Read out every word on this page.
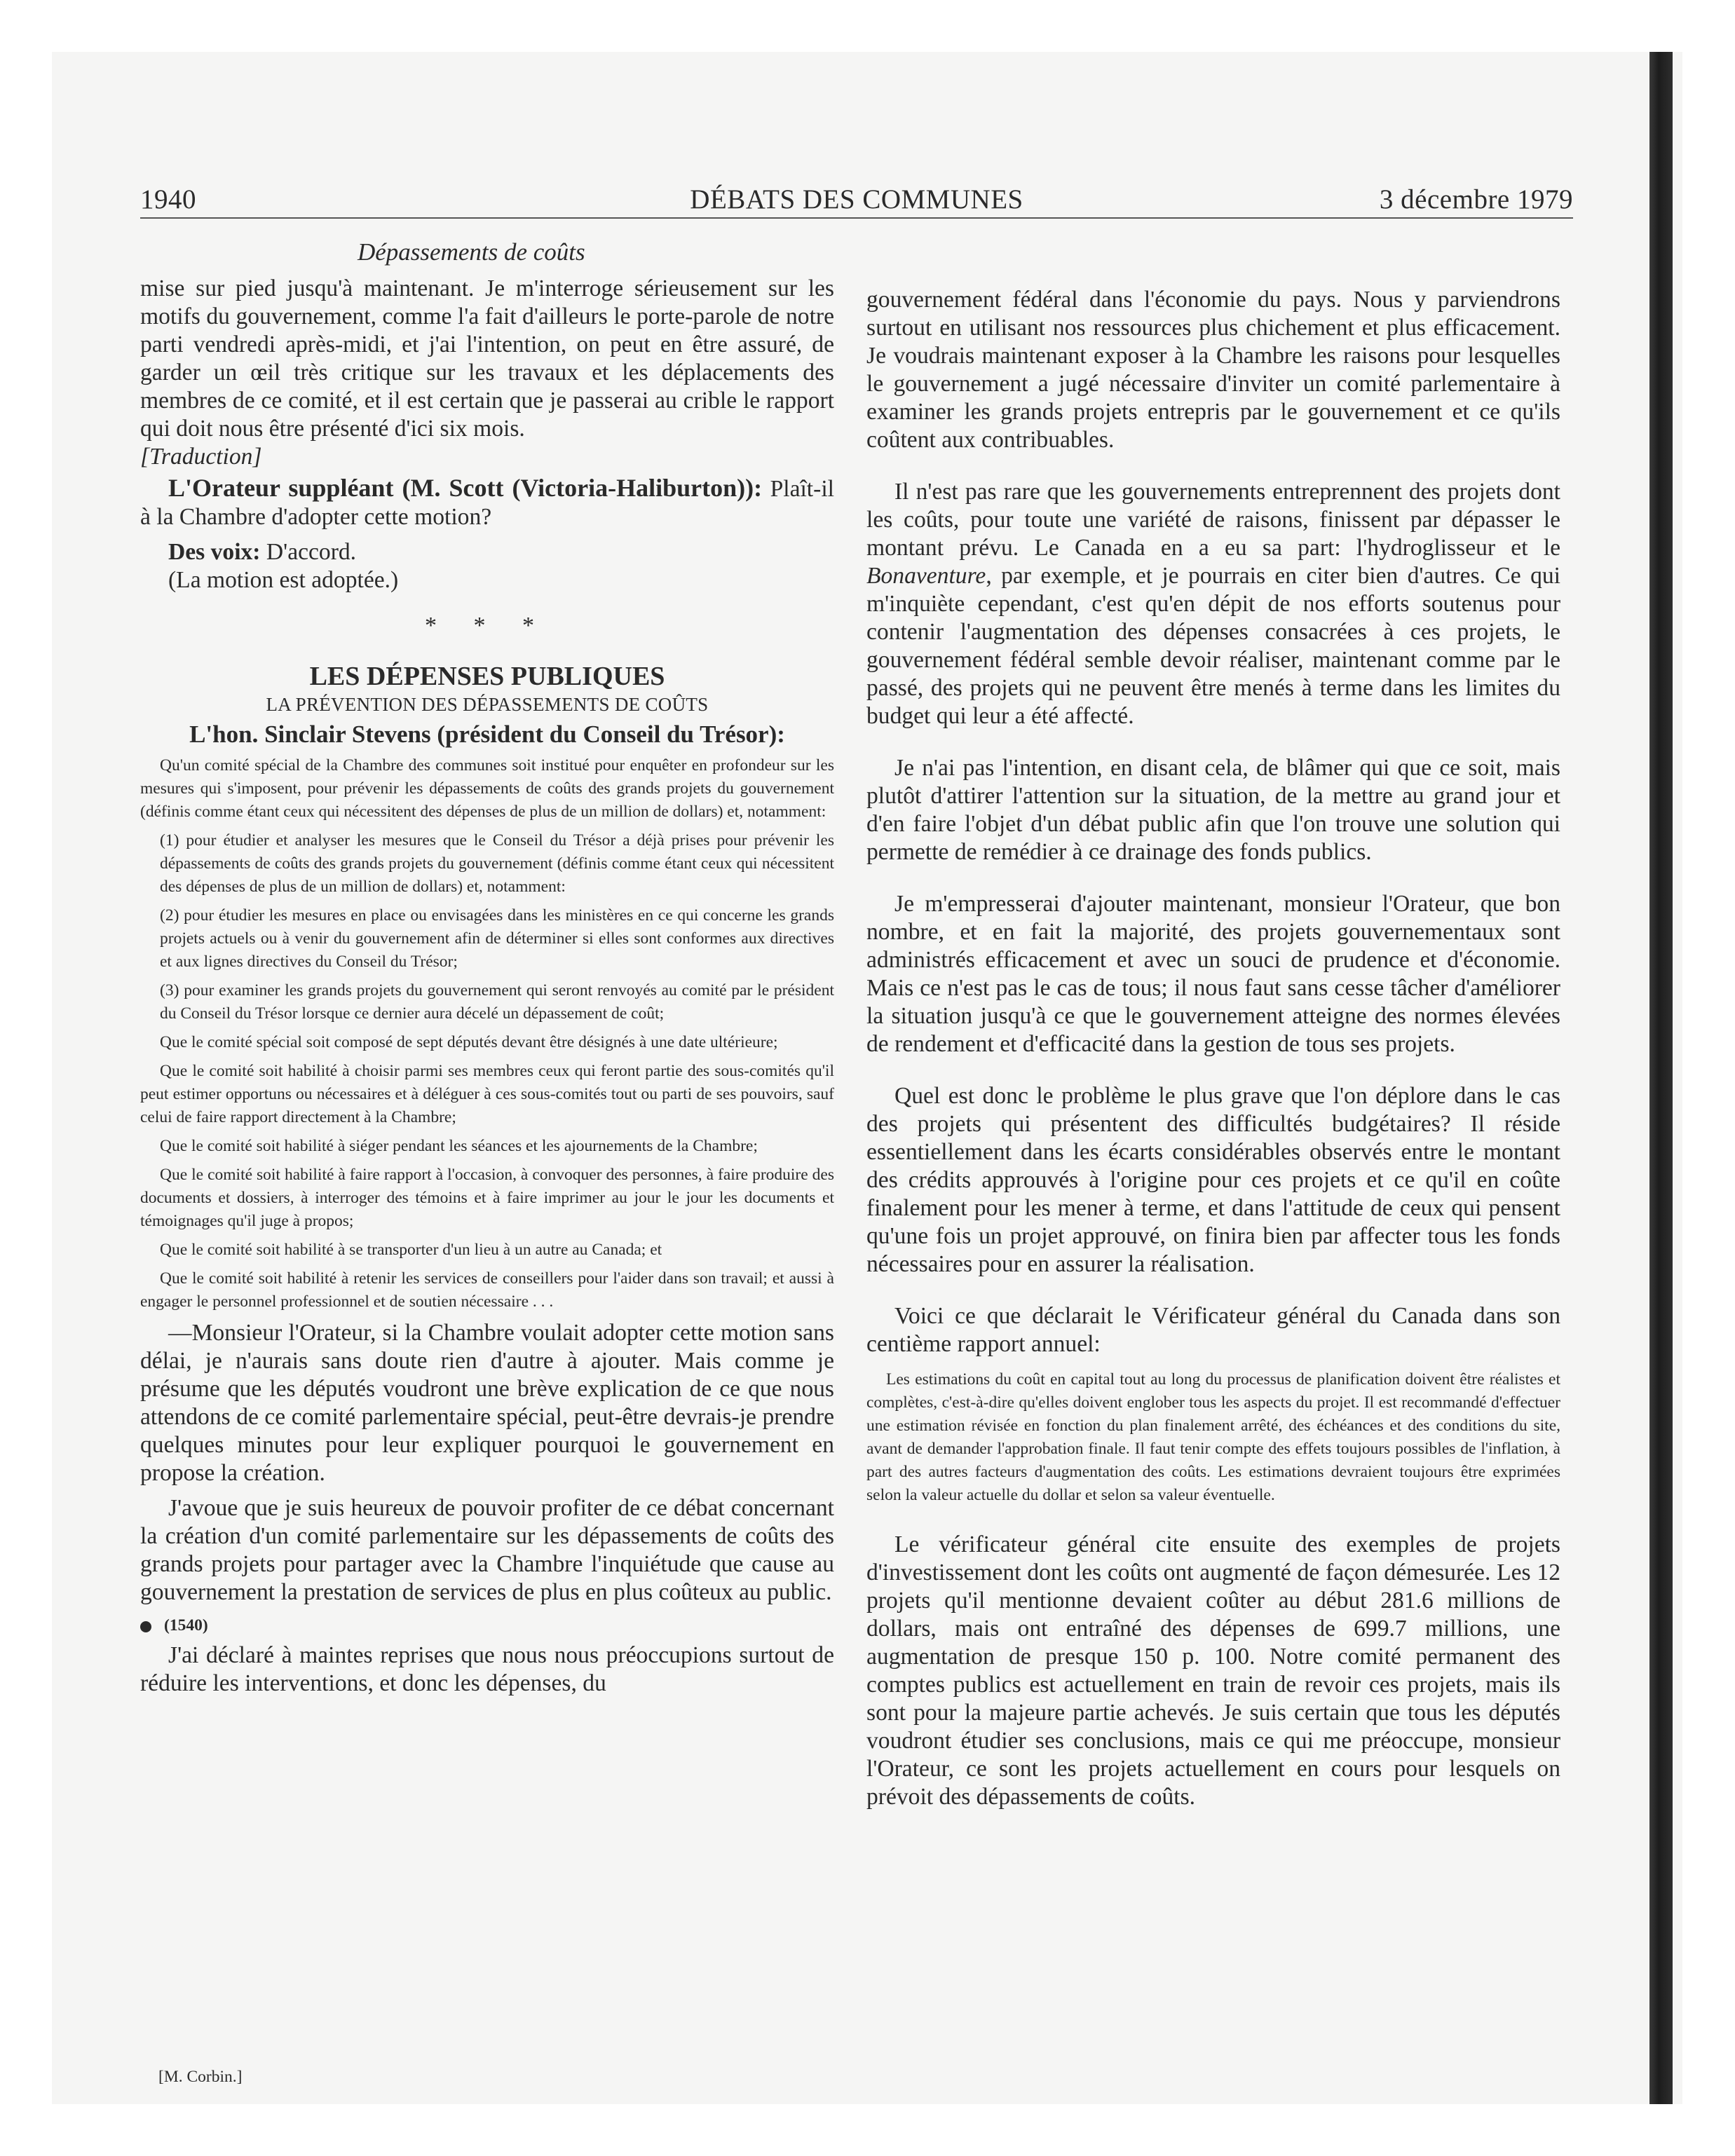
1940	DÉBATS DES COMMUNES	3 décembre 1979
Dépassements de coûts

mise sur pied jusqu'à maintenant. Je m'interroge sérieusement sur les motifs du gouvernement, comme l'a fait d'ailleurs le porte-parole de notre parti vendredi après-midi, et j'ai l'intention, on peut en être assuré, de garder un œil très critique sur les travaux et les déplacements des membres de ce comité, et il est certain que je passerai au crible le rapport qui doit nous être présenté d'ici six mois.

[Traduction]

L'Orateur suppléant (M. Scott (Victoria-Haliburton)): Plaît-il à la Chambre d'adopter cette motion?

Des voix: D'accord.

(La motion est adoptée.)

* * *
LES DÉPENSES PUBLIQUES
LA PRÉVENTION DES DÉPASSEMENTS DE COÛTS
L'hon. Sinclair Stevens (président du Conseil du Trésor):

Qu'un comité spécial de la Chambre des communes soit institué pour enquêter en profondeur sur les mesures qui s'imposent, pour prévenir les dépassements de coûts des grands projets du gouvernement (définis comme étant ceux qui nécessitent des dépenses de plus de un million de dollars) et, notamment:

(1) pour étudier et analyser les mesures que le Conseil du Trésor a déjà prises pour prévenir les dépassements de coûts des grands projets du gouvernement (définis comme étant ceux qui nécessitent des dépenses de plus de un million de dollars) et, notamment:

(2) pour étudier les mesures en place ou envisagées dans les ministères en ce qui concerne les grands projets actuels ou à venir du gouvernement afin de déterminer si elles sont conformes aux directives et aux lignes directives du Conseil du Trésor;

(3) pour examiner les grands projets du gouvernement qui seront renvoyés au comité par le président du Conseil du Trésor lorsque ce dernier aura décelé un dépassement de coût;

Que le comité spécial soit composé de sept députés devant être désignés à une date ultérieure;

Que le comité soit habilité à choisir parmi ses membres ceux qui feront partie des sous-comités qu'il peut estimer opportuns ou nécessaires et à déléguer à ces sous-comités tout ou parti de ses pouvoirs, sauf celui de faire rapport directement à la Chambre;

Que le comité soit habilité à siéger pendant les séances et les ajournements de la Chambre;

Que le comité soit habilité à faire rapport à l'occasion, à convoquer des personnes, à faire produire des documents et dossiers, à interroger des témoins et à faire imprimer au jour le jour les documents et témoignages qu'il juge à propos;

Que le comité soit habilité à se transporter d'un lieu à un autre au Canada; et

Que le comité soit habilité à retenir les services de conseillers pour l'aider dans son travail; et aussi à engager le personnel professionnel et de soutien nécessaire . . .

—Monsieur l'Orateur, si la Chambre voulait adopter cette motion sans délai, je n'aurais sans doute rien d'autre à ajouter. Mais comme je présume que les députés voudront une brève explication de ce que nous attendons de ce comité parlementaire spécial, peut-être devrais-je prendre quelques minutes pour leur expliquer pourquoi le gouvernement en propose la création.

J'avoue que je suis heureux de pouvoir profiter de ce débat concernant la création d'un comité parlementaire sur les dépassements de coûts des grands projets pour partager avec la Chambre l'inquiétude que cause au gouvernement la prestation de services de plus en plus coûteux au public.

(1540)

J'ai déclaré à maintes reprises que nous nous préoccupions surtout de réduire les interventions, et donc les dépenses, du

gouvernement fédéral dans l'économie du pays. Nous y parviendrons surtout en utilisant nos ressources plus chichement et plus efficacement. Je voudrais maintenant exposer à la Chambre les raisons pour lesquelles le gouvernement a jugé nécessaire d'inviter un comité parlementaire à examiner les grands projets entrepris par le gouvernement et ce qu'ils coûtent aux contribuables.

Il n'est pas rare que les gouvernements entreprennent des projets dont les coûts, pour toute une variété de raisons, finissent par dépasser le montant prévu. Le Canada en a eu sa part: l'hydroglisseur et le Bonaventure, par exemple, et je pourrais en citer bien d'autres. Ce qui m'inquiète cependant, c'est qu'en dépit de nos efforts soutenus pour contenir l'augmentation des dépenses consacrées à ces projets, le gouvernement fédéral semble devoir réaliser, maintenant comme par le passé, des projets qui ne peuvent être menés à terme dans les limites du budget qui leur a été affecté.

Je n'ai pas l'intention, en disant cela, de blâmer qui que ce soit, mais plutôt d'attirer l'attention sur la situation, de la mettre au grand jour et d'en faire l'objet d'un débat public afin que l'on trouve une solution qui permette de remédier à ce drainage des fonds publics.

Je m'empresserai d'ajouter maintenant, monsieur l'Orateur, que bon nombre, et en fait la majorité, des projets gouvernementaux sont administrés efficacement et avec un souci de prudence et d'économie. Mais ce n'est pas le cas de tous; il nous faut sans cesse tâcher d'améliorer la situation jusqu'à ce que le gouvernement atteigne des normes élevées de rendement et d'efficacité dans la gestion de tous ses projets.

Quel est donc le problème le plus grave que l'on déplore dans le cas des projets qui présentent des difficultés budgétaires? Il réside essentiellement dans les écarts considérables observés entre le montant des crédits approuvés à l'origine pour ces projets et ce qu'il en coûte finalement pour les mener à terme, et dans l'attitude de ceux qui pensent qu'une fois un projet approuvé, on finira bien par affecter tous les fonds nécessaires pour en assurer la réalisation.

Voici ce que déclarait le Vérificateur général du Canada dans son centième rapport annuel:

Les estimations du coût en capital tout au long du processus de planification doivent être réalistes et complètes, c'est-à-dire qu'elles doivent englober tous les aspects du projet. Il est recommandé d'effectuer une estimation révisée en fonction du plan finalement arrêté, des échéances et des conditions du site, avant de demander l'approbation finale. Il faut tenir compte des effets toujours possibles de l'inflation, à part des autres facteurs d'augmentation des coûts. Les estimations devraient toujours être exprimées selon la valeur actuelle du dollar et selon sa valeur éventuelle.

Le vérificateur général cite ensuite des exemples de projets d'investissement dont les coûts ont augmenté de façon démesurée. Les 12 projets qu'il mentionne devaient coûter au début 281.6 millions de dollars, mais ont entraîné des dépenses de 699.7 millions, une augmentation de presque 150 p. 100. Notre comité permanent des comptes publics est actuellement en train de revoir ces projets, mais ils sont pour la majeure partie achevés. Je suis certain que tous les députés voudront étudier ses conclusions, mais ce qui me préoccupe, monsieur l'Orateur, ce sont les projets actuellement en cours pour lesquels on prévoit des dépassements de coûts.

[M. Corbin.]
